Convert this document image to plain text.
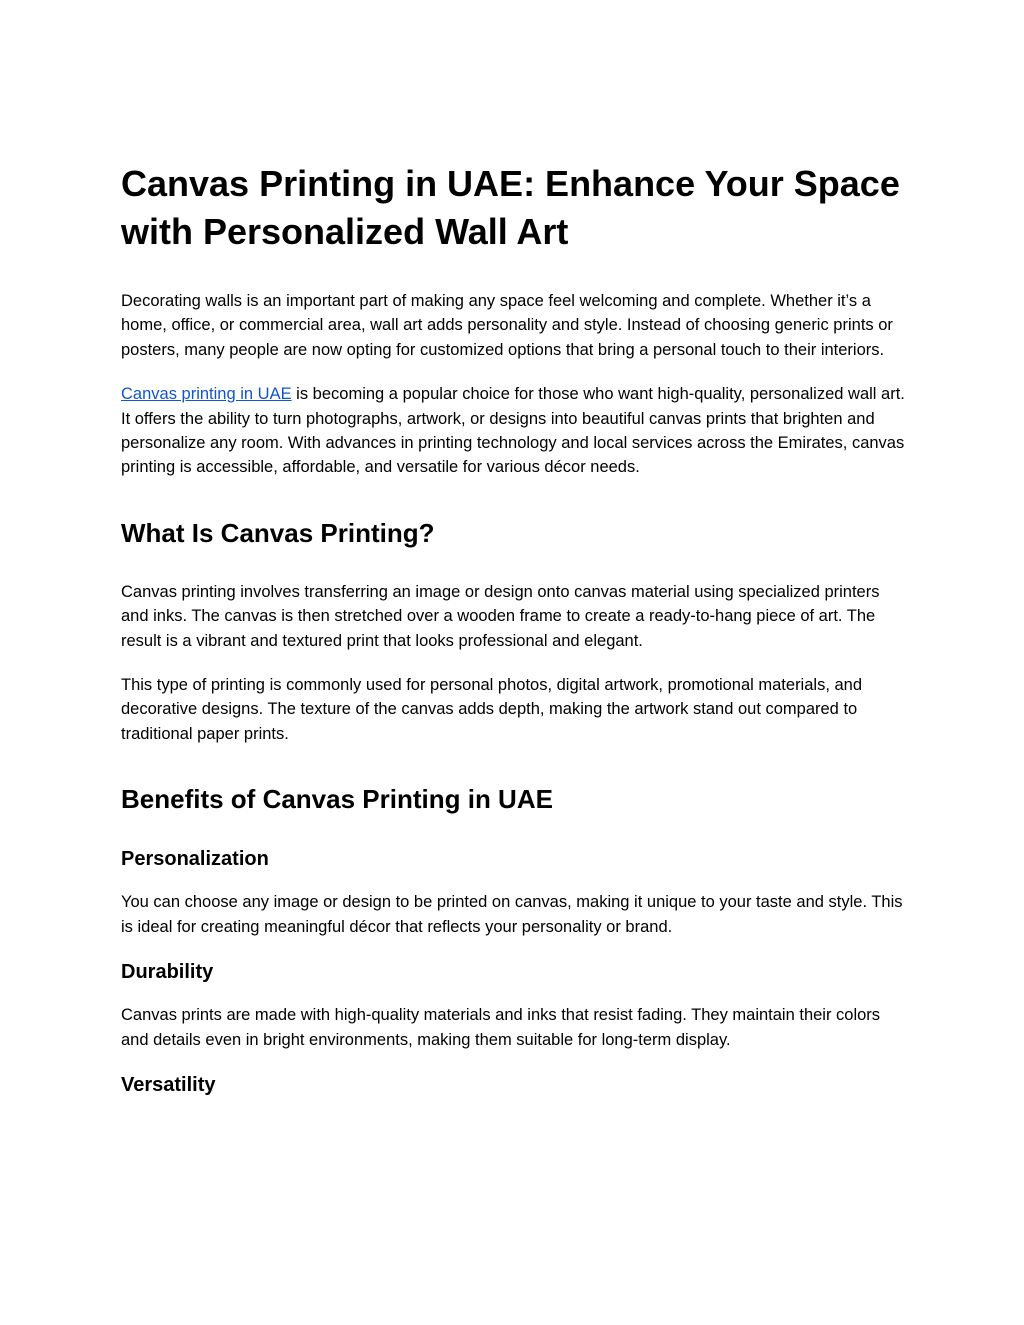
Canvas Printing in UAE: Enhance Your Space with Personalized Wall Art

Decorating walls is an important part of making any space feel welcoming and complete. Whether it’s a home, office, or commercial area, wall art adds personality and style. Instead of choosing generic prints or posters, many people are now opting for customized options that bring a personal touch to their interiors.

Canvas printing in UAE is becoming a popular choice for those who want high-quality, personalized wall art. It offers the ability to turn photographs, artwork, or designs into beautiful canvas prints that brighten and personalize any room. With advances in printing technology and local services across the Emirates, canvas printing is accessible, affordable, and versatile for various décor needs.

What Is Canvas Printing?

Canvas printing involves transferring an image or design onto canvas material using specialized printers and inks. The canvas is then stretched over a wooden frame to create a ready-to-hang piece of art. The result is a vibrant and textured print that looks professional and elegant.

This type of printing is commonly used for personal photos, digital artwork, promotional materials, and decorative designs. The texture of the canvas adds depth, making the artwork stand out compared to traditional paper prints.

Benefits of Canvas Printing in UAE
Personalization

You can choose any image or design to be printed on canvas, making it unique to your taste and style. This is ideal for creating meaningful décor that reflects your personality or brand.

Durability

Canvas prints are made with high-quality materials and inks that resist fading. They maintain their colors and details even in bright environments, making them suitable for long-term display.

Versatility
